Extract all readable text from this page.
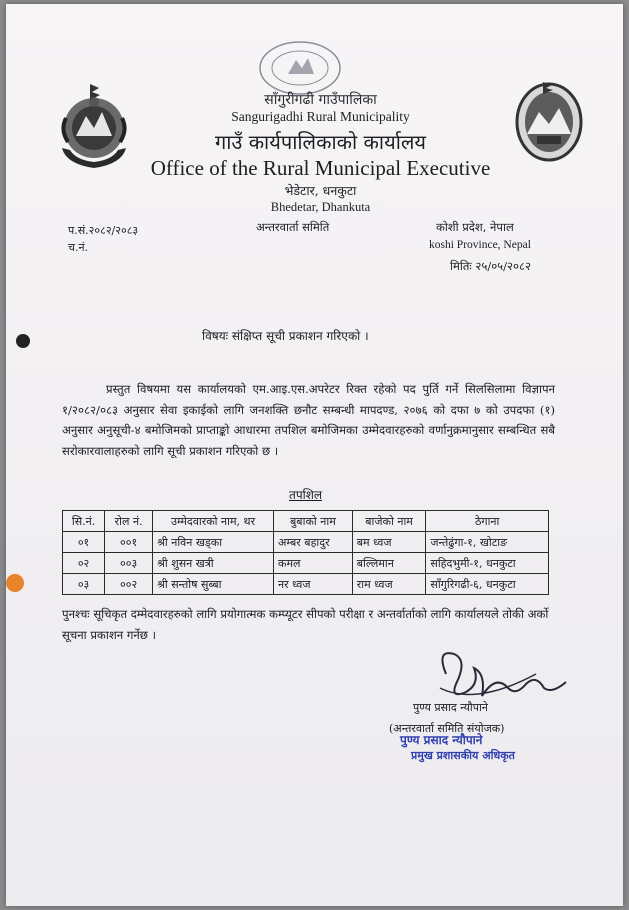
साँगुरीगढी गाउँपालिका
Sangurigadhi Rural Municipality
गाउँ कार्यपालिकाको कार्यालय
Office of the Rural Municipal Executive
भेडेटार, धनकुटा
Bhedetar, Dhankuta
प.सं.२०८२/२०८३
च.नं.
अन्तरवार्ता समिति	कोशी प्रदेश, नेपाल
koshi Province, Nepal
मितिः २५/०५/२०८२
विषयः संक्षिप्त सूची प्रकाशन गरिएको ।
प्रस्तुत विषयमा यस कार्यालयको एम.आइ.एस.अपरेटर रिक्त रहेको पद पुर्ति गर्ने सिलसिलामा विज्ञापन १/२०८२/०८३ अनुसार सेवा इकाईको लागि जनशक्ति छनौट सम्बन्धी मापदण्ड, २०७६ को दफा ७ को उपदफा (१) अनुसार अनुसूची-४ बमोजिमको प्राप्ताङ्को आधारमा तपशिल बमोजिमका उम्मेदवारहरुको वर्णानुक्रमानुसार सम्बन्धित सबै सरोकारवालाहरुको लागि सूची प्रकाशन गरिएको छ ।
तपशिल
सि.नं.	रोल नं.	उम्मेदवारको नाम, थर	बुबाको नाम	बाजेको नाम	ठेगाना
०१	००१	श्री नविन खड्का	अम्बर बहादुर	बम ध्वज	जन्तेढुंगा-१, खोटाङ
०२	००३	श्री शुसन खत्री	कमल	बल्लिमान	सहिदभुमी-१, धनकुटा
०३	००२	श्री सन्तोष सुब्बा	नर ध्वज	राम ध्वज	साँगुरिगढी-६, धनकुटा
पुनश्चः सूचिकृत दम्मेदवारहरुको लागि प्रयोगात्मक कम्प्यूटर सीपको परीक्षा र अन्तर्वार्ताको लागि कार्यालयले तोकी अर्को सूचना प्रकाशन गर्नेछ ।
पुण्य प्रसाद न्यौपाने
(अन्तरवार्ता समिति संयोजक)
पुण्य प्रसाद न्यौपाने
प्रमुख प्रशासकीय अधिकृत
